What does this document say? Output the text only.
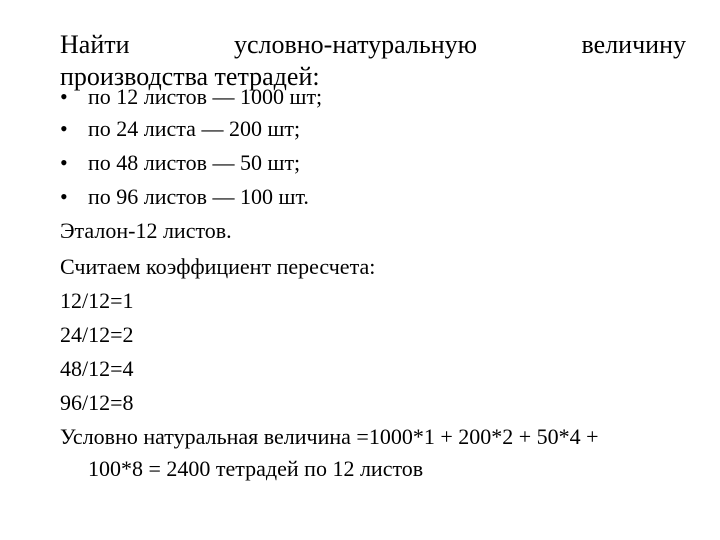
Найти	условно-натуральную	величину
производства тетрадей:
• по 12 листов — 1000 шт;
• по 24 листа — 200 шт;
• по 48 листов — 50 шт;
• по 96 листов — 100 шт.
Эталон-12 листов.
Считаем коэффициент пересчета:
12/12=1
24/12=2
48/12=4
96/12=8
Условно натуральная величина =1000*1 + 200*2 + 50*4 +
100*8 = 2400 тетрадей по 12 листов
